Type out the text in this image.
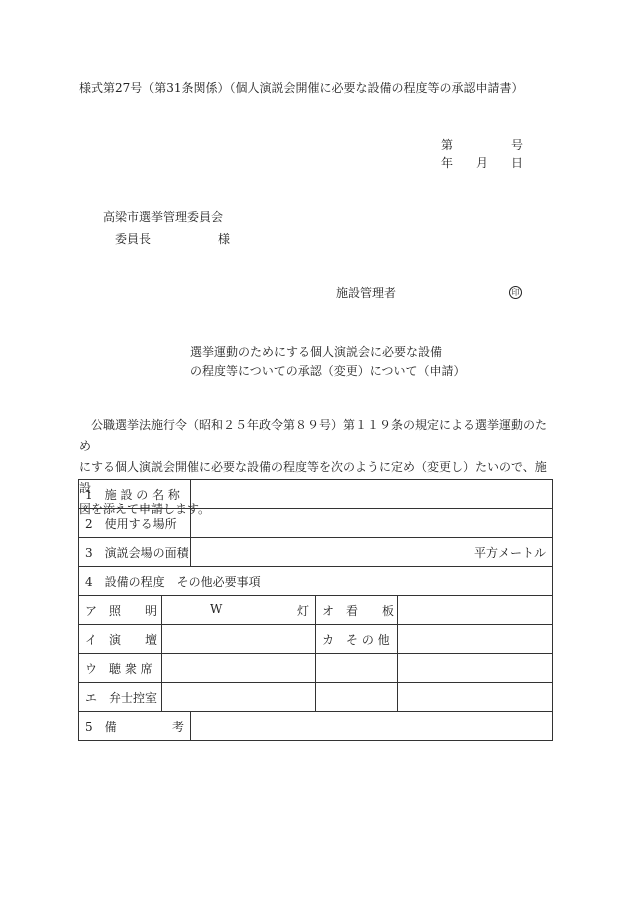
様式第27号（第31条関係）（個人演説会開催に必要な設備の程度等の承認申請書）
第	号
年 月 日
高梁市選挙管理委員会
委員長	様
施設管理者	印
選挙運動のためにする個人演説会に必要な設備
の程度等についての承認（変更）について（申請）

公職選挙法施行令（昭和２５年政令第８９号）第１１９条の規定による選挙運動のため

にする個人演説会開催に必要な設備の程度等を次のように定め（変更し）たいので、施設

図を添えて申請します。

1　施 設 の 名 称				
2　使用する場所				
3　演説会場の面積		平方メートル		
4　設備の程度　その他必要事項				
ア　照　　明	W 灯		オ　看　　板	
イ　演　　壇			カ　そ の 他	
ウ　聴 衆 席				
エ　弁士控室				

5　備 考				
